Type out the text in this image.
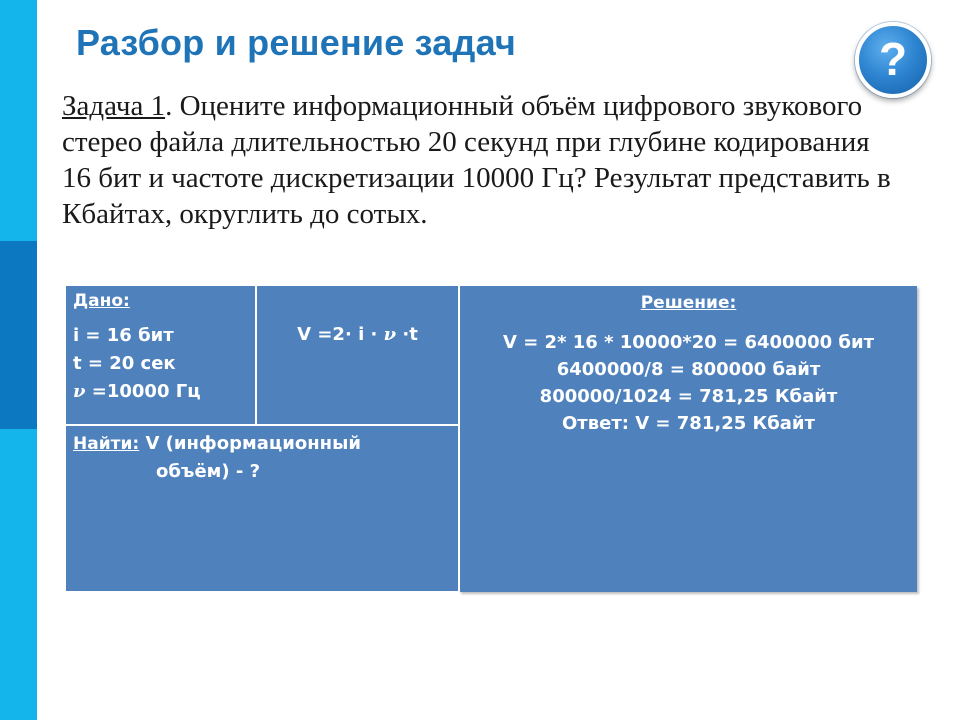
Разбор и решение задач	?
Задача 1. Оцените информационный объём цифрового звукового стерео файла длительностью 20 секунд при глубине кодирования 16 бит и частоте дискретизации 10000 Гц? Результат представить в Кбайтах, округлить до сотых.
Дано:
i = 16 бит
t = 20 сек
ν =10000 Гц
V =2· i · ν ·t
Найти: V (информационный
объём) - ?
Решение:
V = 2* 16 * 10000*20 = 6400000 бит
6400000/8 = 800000 байт
800000/1024 = 781,25 Кбайт
Ответ: V = 781,25 Кбайт
